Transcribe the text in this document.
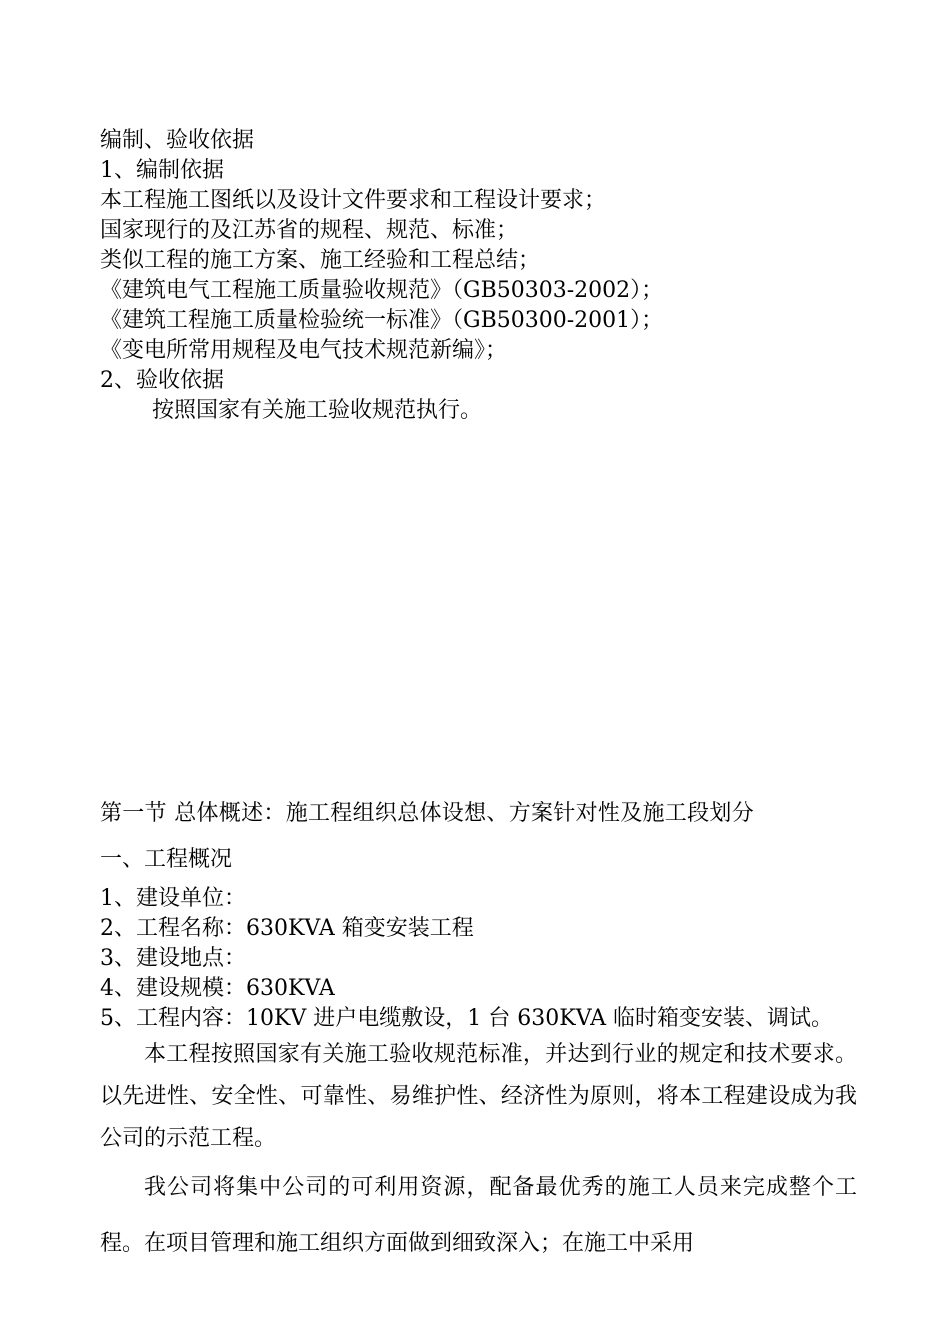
编制、验收依据
1、编制依据
本工程施工图纸以及设计文件要求和工程设计要求；
国家现行的及江苏省的规程、规范、标准；
类似工程的施工方案、施工经验和工程总结；
《建筑电气工程施工质量验收规范》（GB50303-2002）；
《建筑工程施工质量检验统一标准》（GB50300-2001）；
《变电所常用规程及电气技术规范新编》；
2、验收依据
按照国家有关施工验收规范执行。
第一节 总体概述：施工程组织总体设想、方案针对性及施工段划分
一、工程概况
1、建设单位：
2、工程名称：630KVA 箱变安装工程
3、建设地点：
4、建设规模：630KVA
5、工程内容：10KV 进户电缆敷设，1 台 630KVA 临时箱变安装、调试。
本工程按照国家有关施工验收规范标准，并达到行业的规定和技术要求。以先进性、安全性、可靠性、易维护性、经济性为原则，将本工程建设成为我公司的示范工程。
我公司将集中公司的可利用资源，配备最优秀的施工人员来完成整个工程。在项目管理和施工组织方面做到细致深入；在施工中采用
